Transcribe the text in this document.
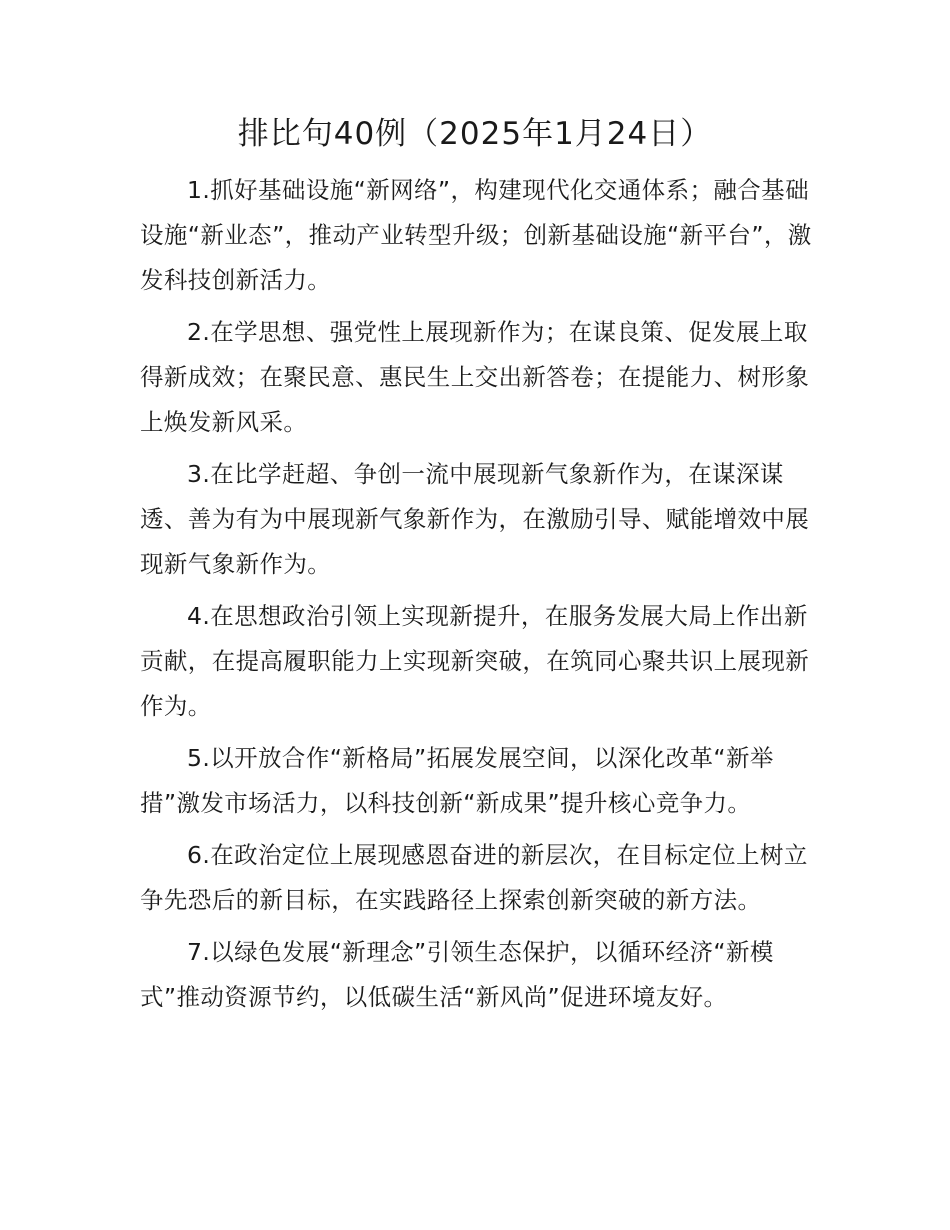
排比句40例（2025年1月24日）

1.抓好基础设施“新网络”，构建现代化交通体系；融合基础设施“新业态”，推动产业转型升级；创新基础设施“新平台”，激发科技创新活力。

2.在学思想、强党性上展现新作为；在谋良策、促发展上取得新成效；在聚民意、惠民生上交出新答卷；在提能力、树形象上焕发新风采。

3.在比学赶超、争创一流中展现新气象新作为，在谋深谋透、善为有为中展现新气象新作为，在激励引导、赋能增效中展现新气象新作为。

4.在思想政治引领上实现新提升，在服务发展大局上作出新贡献，在提高履职能力上实现新突破，在筑同心聚共识上展现新作为。

5.以开放合作“新格局”拓展发展空间，以深化改革“新举措”激发市场活力，以科技创新“新成果”提升核心竞争力。

6.在政治定位上展现感恩奋进的新层次，在目标定位上树立争先恐后的新目标，在实践路径上探索创新突破的新方法。

7.以绿色发展“新理念”引领生态保护，以循环经济“新模式”推动资源节约，以低碳生活“新风尚”促进环境友好。
